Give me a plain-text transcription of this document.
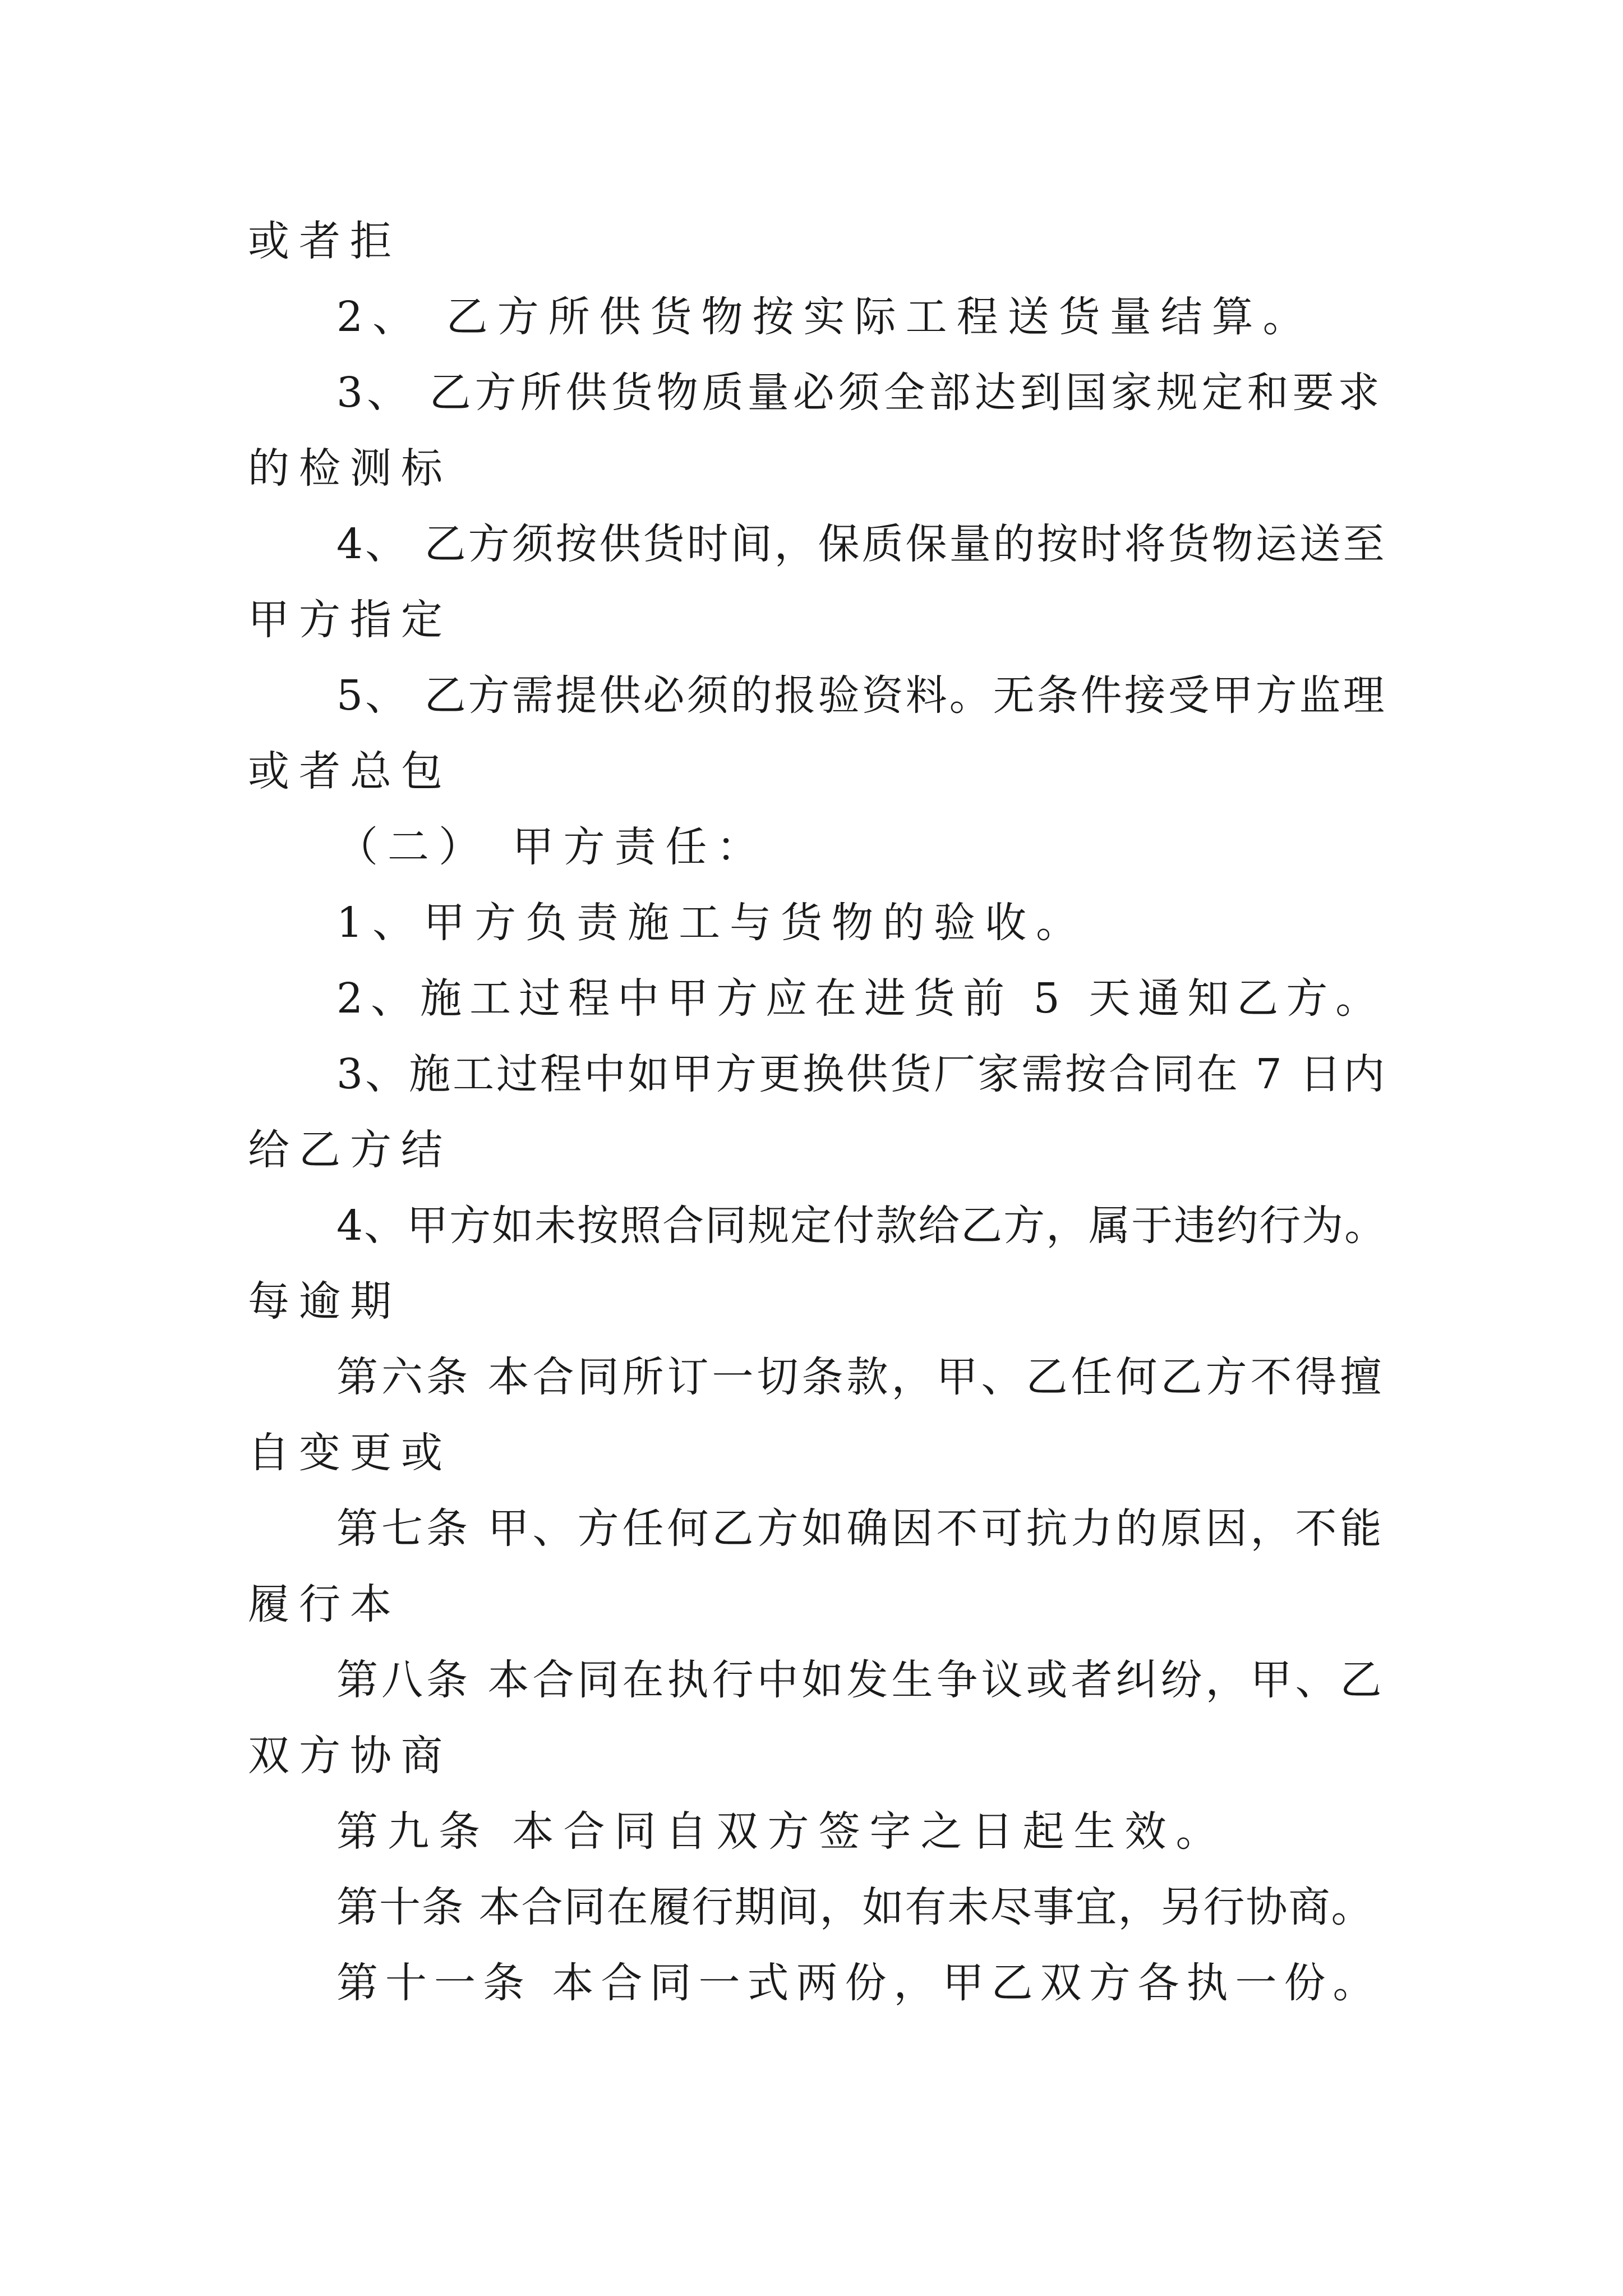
或者拒
2、 乙方所供货物按实际工程送货量结算。
3、 乙方所供货物质量必须全部达到国家规定和要求
的检测标
4、 乙方须按供货时间，保质保量的按时将货物运送至
甲方指定
5、 乙方需提供必须的报验资料。无条件接受甲方监理
或者总包
（二） 甲方责任：
1、甲方负责施工与货物的验收。
2、施工过程中甲方应在进货前 5 天通知乙方。
3、施工过程中如甲方更换供货厂家需按合同在 7 日内
给乙方结
4、甲方如未按照合同规定付款给乙方，属于违约行为。
每逾期
第六条 本合同所订一切条款，甲、乙任何乙方不得擅
自变更或
第七条 甲、方任何乙方如确因不可抗力的原因，不能
履行本
第八条 本合同在执行中如发生争议或者纠纷，甲、乙
双方协商
第九条 本合同自双方签字之日起生效。
第十条 本合同在履行期间，如有未尽事宜，另行协商。
第十一条 本合同一式两份，甲乙双方各执一份。
